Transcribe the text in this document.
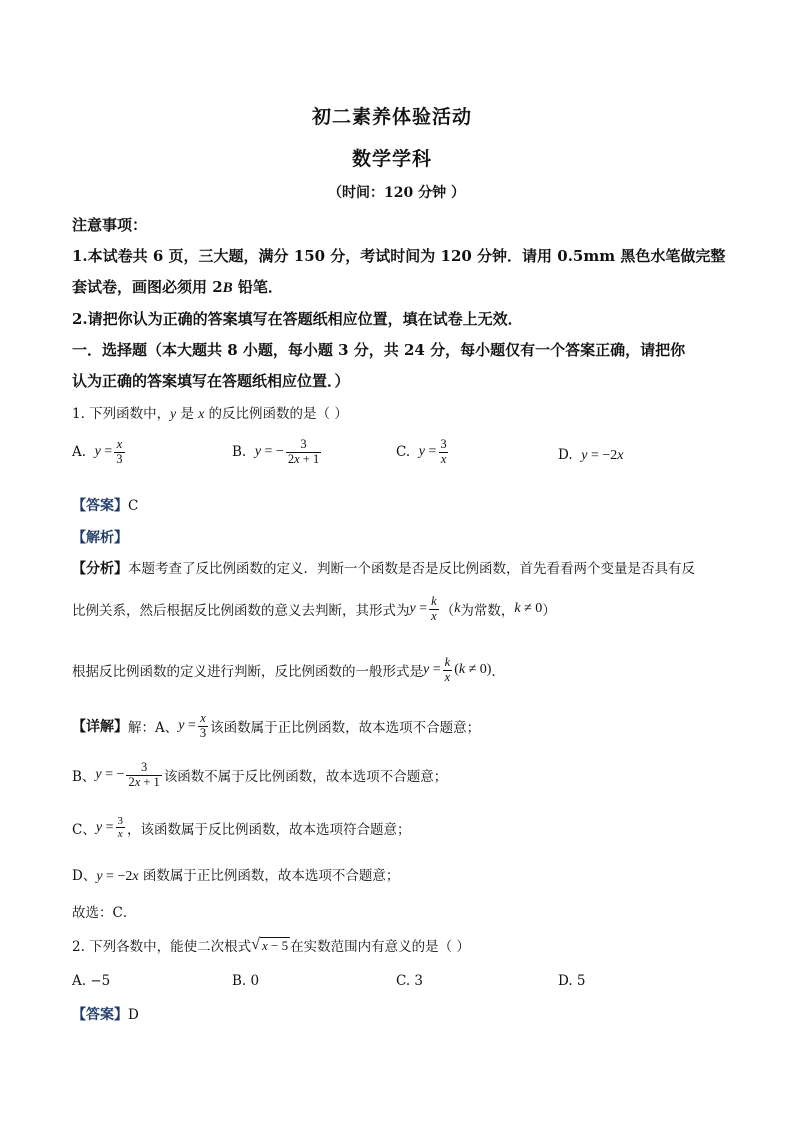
初二素养体验活动
数学学科
（时间：120 分钟 ）
注意事项：
1.本试卷共 6 页，三大题，满分 150 分，考试时间为 120 分钟．请用 0.5mm 黑色水笔做完整
套试卷，画图必须用 2B 铅笔．
2.请把你认为正确的答案填写在答题纸相应位置，填在试卷上无效．
一．选择题（本大题共 8 小题，每小题 3 分，共 24 分，每小题仅有一个答案正确，请把你
认为正确的答案填写在答题纸相应位置．）
1. 下列函数中，y 是 x 的反比例函数的是（ ）
A.
$y = \frac{x}{3}$	B.
y = − $\frac{3}{2x + 1}$	C.
$y = \frac{3}{x}$	D. y = −2x
【答案】C
【解析】
【分析】本题考查了反比例函数的定义．判断一个函数是否是反比例函数，首先看看两个变量是否具有反
比例关系，然后根据反比例函数的意义去判断，其形式为 $y = \frac{k}{x}$ （ k 为常数， k ≠ 0 ）
根据反比例函数的定义进行判断，反比例函数的一般形式是 $y = \frac{k}{x} (k \ne 0)$ ．
【详解】 解：A、 $y = \frac{x}{3}$ 该函数属于正比例函数，故本选项不合题意；
B、 y = − $\frac{3}{2x + 1}$ 该函数不属于反比例函数，故本选项不合题意；
C、 $y = \frac{3}{x}$ ，该函数属于反比例函数，故本选项符合题意；
D、y = −2x 函数属于正比例函数，故本选项不合题意；
故选：C．
2. 下列各数中，能使二次根式 √ x − 5 在实数范围内有意义的是（ ）
A. −5	B. 0	C. 3	D. 5
【答案】D
